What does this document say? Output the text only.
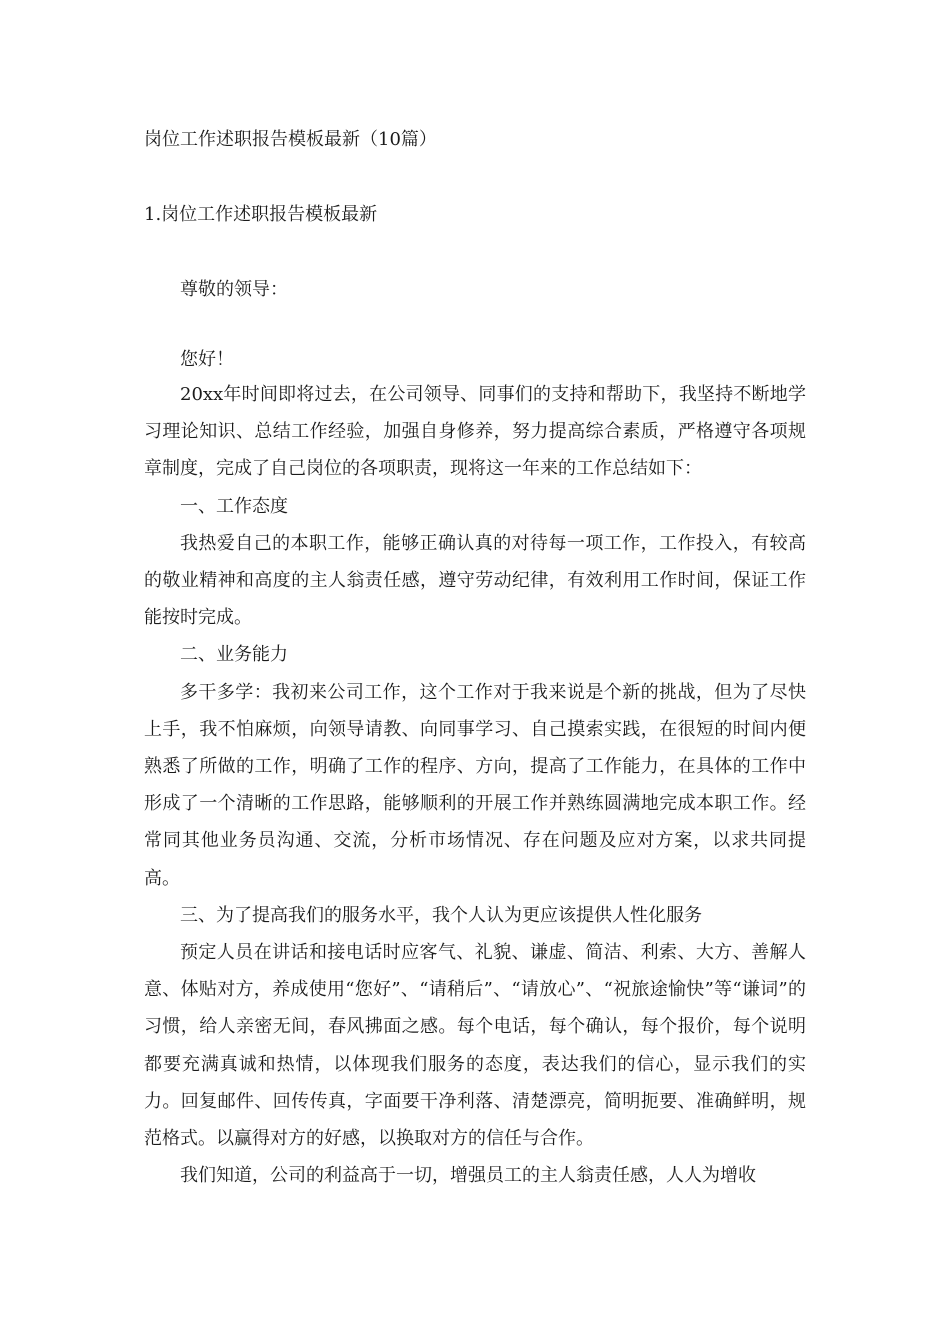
岗位工作述职报告模板最新（10篇）
1.岗位工作述职报告模板最新
尊敬的领导：
您好！

20xx年时间即将过去，在公司领导、同事们的支持和帮助下，我坚持不断地学习理论知识、总结工作经验，加强自身修养，努力提高综合素质，严格遵守各项规章制度，完成了自己岗位的各项职责，现将这一年来的工作总结如下：

一、工作态度

我热爱自己的本职工作，能够正确认真的对待每一项工作，工作投入，有较高的敬业精神和高度的主人翁责任感，遵守劳动纪律，有效利用工作时间，保证工作能按时完成。

二、业务能力

多干多学：我初来公司工作，这个工作对于我来说是个新的挑战，但为了尽快上手，我不怕麻烦，向领导请教、向同事学习、自己摸索实践，在很短的时间内便熟悉了所做的工作，明确了工作的程序、方向，提高了工作能力，在具体的工作中形成了一个清晰的工作思路，能够顺利的开展工作并熟练圆满地完成本职工作。经常同其他业务员沟通、交流，分析市场情况、存在问题及应对方案，以求共同提高。

三、为了提高我们的服务水平，我个人认为更应该提供人性化服务

预定人员在讲话和接电话时应客气、礼貌、谦虚、简洁、利索、大方、善解人意、体贴对方，养成使用“您好”、“请稍后”、“请放心”、“祝旅途愉快”等“谦词”的习惯，给人亲密无间，春风拂面之感。每个电话，每个确认，每个报价，每个说明都要充满真诚和热情，以体现我们服务的态度，表达我们的信心，显示我们的实力。回复邮件、回传传真，字面要干净利落、清楚漂亮，简明扼要、准确鲜明，规范格式。以赢得对方的好感，以换取对方的信任与合作。

我们知道，公司的利益高于一切，增强员工的主人翁责任感，人人为增收
